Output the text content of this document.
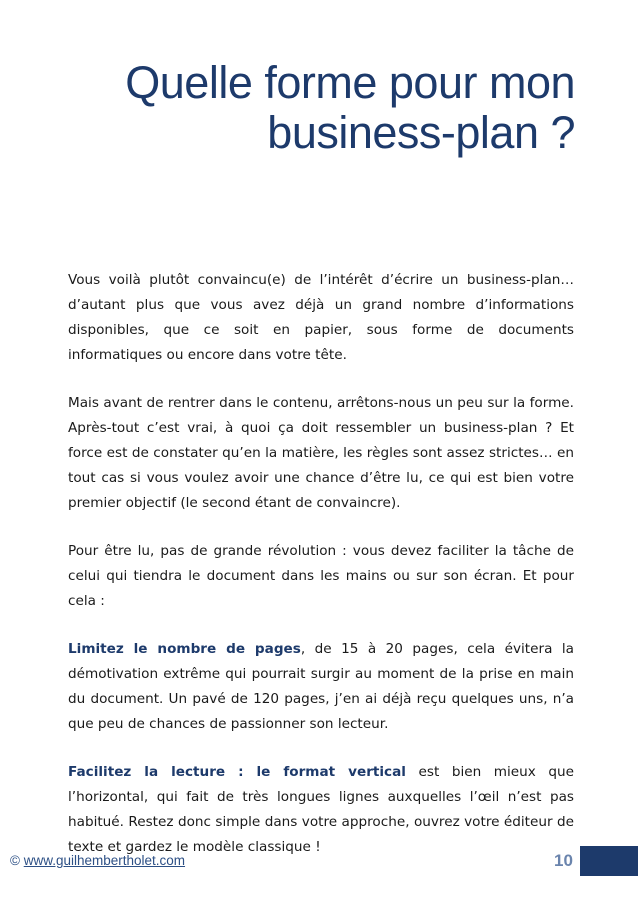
Quelle forme pour mon business-plan ?

Vous voilà plutôt convaincu(e) de l’intérêt d’écrire un business-plan… d’autant plus que vous avez déjà un grand nombre d’informations disponibles, que ce soit en papier, sous forme de documents informatiques ou encore dans votre tête.

Mais avant de rentrer dans le contenu, arrêtons-nous un peu sur la forme. Après-tout c’est vrai, à quoi ça doit ressembler un business-plan ? Et force est de constater qu’en la matière, les règles sont assez strictes… en tout cas si vous voulez avoir une chance d’être lu, ce qui est bien votre premier objectif (le second étant de convaincre).

Pour être lu, pas de grande révolution : vous devez faciliter la tâche de celui qui tiendra le document dans les mains ou sur son écran. Et pour cela :

Limitez le nombre de pages, de 15 à 20 pages, cela évitera la démotivation extrême qui pourrait surgir au moment de la prise en main du document. Un pavé de 120 pages, j’en ai déjà reçu quelques uns, n’a que peu de chances de passionner son lecteur.

Facilitez la lecture : le format vertical est bien mieux que l’horizontal, qui fait de très longues lignes auxquelles l’œil n’est pas habitué. Restez donc simple dans votre approche, ouvrez votre éditeur de texte et gardez le modèle classique !

© www.guilhembertholet.com	10
